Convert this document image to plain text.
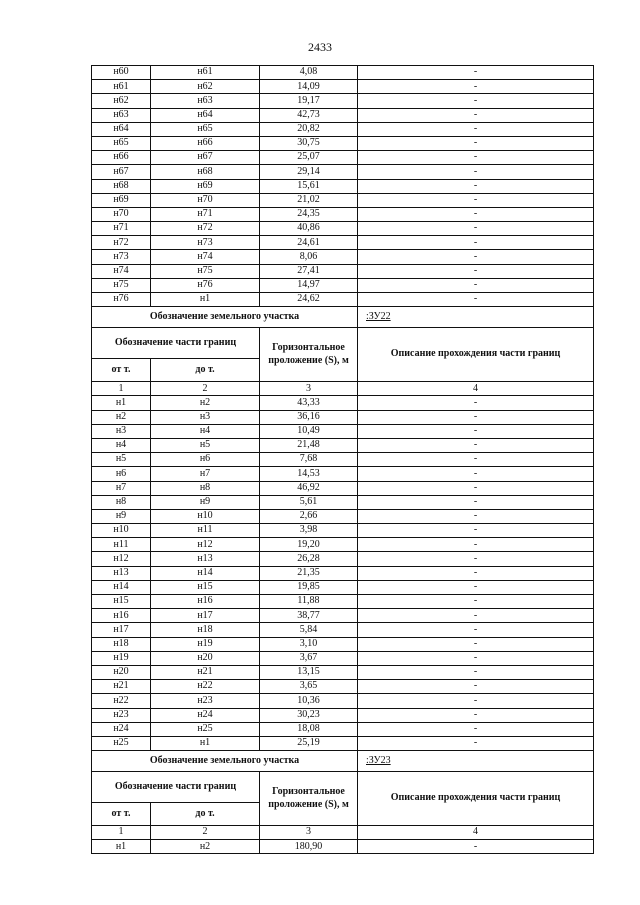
2433
н60	н61	4,08	-
н61	н62	14,09	-
н62	н63	19,17	-
н63	н64	42,73	-
н64	н65	20,82	-
н65	н66	30,75	-
н66	н67	25,07	-
н67	н68	29,14	-
н68	н69	15,61	-
н69	н70	21,02	-
н70	н71	24,35	-
н71	н72	40,86	-
н72	н73	24,61	-
н73	н74	8,06	-
н74	н75	27,41	-
н75	н76	14,97	-
н76	н1	24,62	-
Обозначение земельного участка			:ЗУ22
Обозначение части границ		Горизонтальное проложение (S), м	Описание прохождения части границ
от т.	до т.		
1	2	3	4
н1	н2	43,33	-
н2	н3	36,16	-
н3	н4	10,49	-
н4	н5	21,48	-
н5	н6	7,68	-
н6	н7	14,53	-
н7	н8	46,92	-
н8	н9	5,61	-
н9	н10	2,66	-
н10	н11	3,98	-
н11	н12	19,20	-
н12	н13	26,28	-
н13	н14	21,35	-
н14	н15	19,85	-
н15	н16	11,88	-
н16	н17	38,77	-
н17	н18	5,84	-
н18	н19	3,10	-
н19	н20	3,67	-
н20	н21	13,15	-
н21	н22	3,65	-
н22	н23	10,36	-
н23	н24	30,23	-
н24	н25	18,08	-
н25	н1	25,19	-
Обозначение земельного участка			:ЗУ23
Обозначение части границ		Горизонтальное проложение (S), м	Описание прохождения части границ
от т.	до т.		
1	2	3	4
н1	н2	180,90	-
